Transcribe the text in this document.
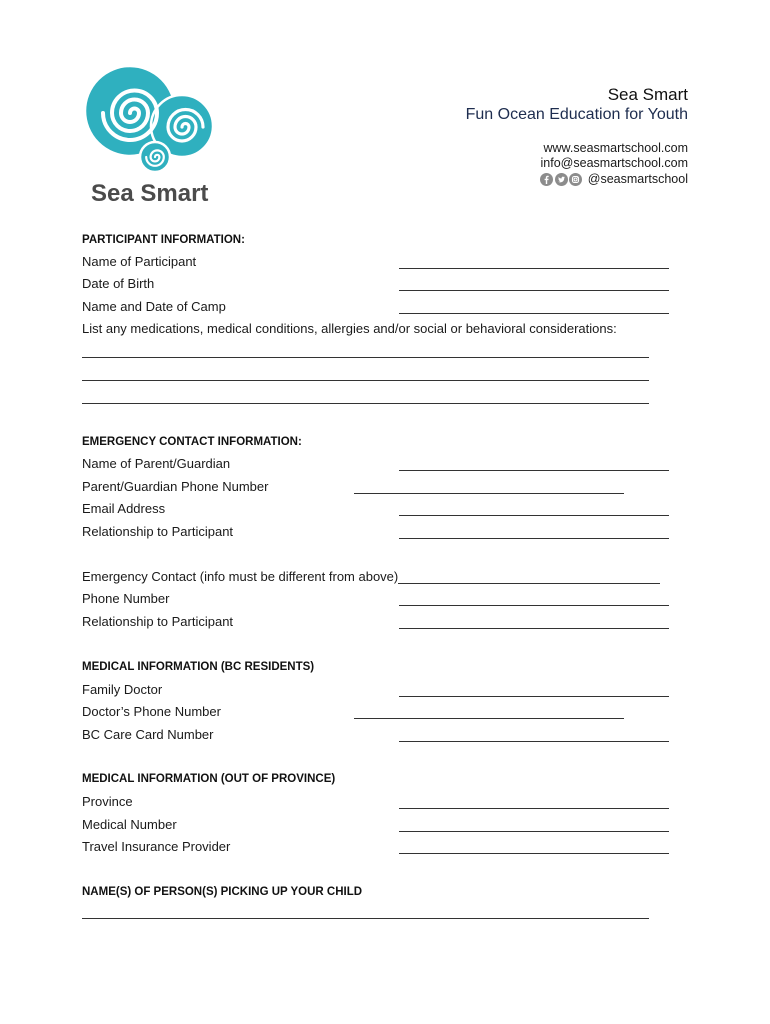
Sea Smart
Sea Smart
Fun Ocean Education for Youth
www.seasmartschool.com
info@seasmartschool.com
@seasmartschool
PARTICIPANT INFORMATION:
Name of Participant
Date of Birth
Name and Date of Camp
List any medications, medical conditions, allergies and/or social or behavioral considerations:
EMERGENCY CONTACT INFORMATION:
Name of Parent/Guardian
Parent/Guardian Phone Number
Email Address
Relationship to Participant
Emergency Contact (info must be different from above)
Phone Number
Relationship to Participant
MEDICAL INFORMATION (BC RESIDENTS)
Family Doctor
Doctor’s Phone Number
BC Care Card Number
MEDICAL INFORMATION (OUT OF PROVINCE)
Province
Medical Number
Travel Insurance Provider
NAME(S) OF PERSON(S) PICKING UP YOUR CHILD
